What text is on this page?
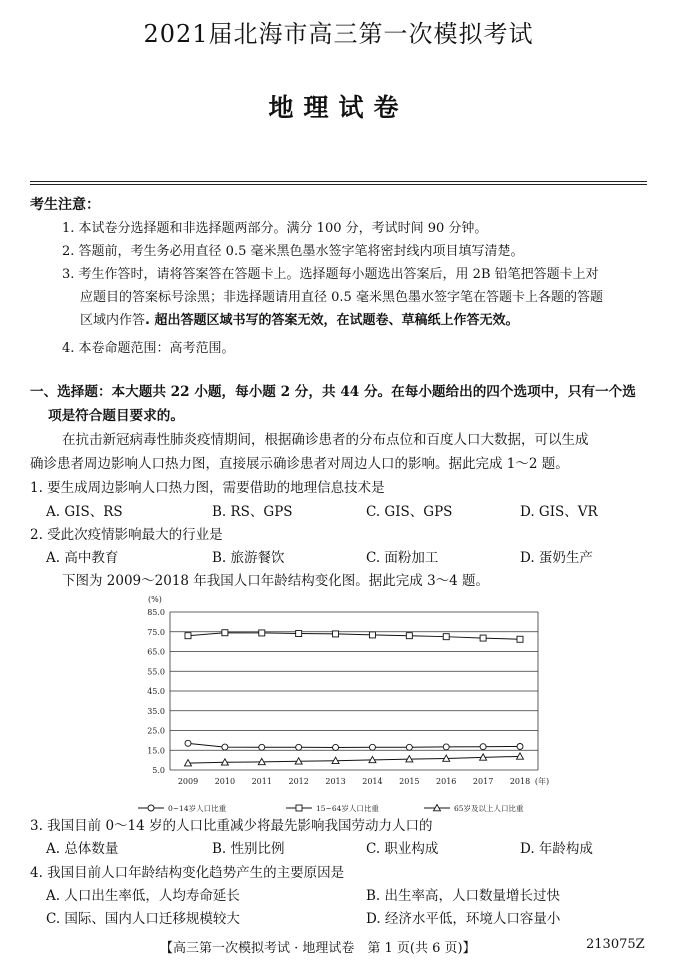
2021届北海市高三第一次模拟考试
地理试卷
考生注意：
1. 本试卷分选择题和非选择题两部分。满分 100 分，考试时间 90 分钟。
2. 答题前，考生务必用直径 0.5 毫米黑色墨水签字笔将密封线内项目填写清楚。
3. 考生作答时，请将答案答在答题卡上。选择题每小题选出答案后，用 2B 铅笔把答题卡上对
应题目的答案标号涂黑；非选择题请用直径 0.5 毫米黑色墨水签字笔在答题卡上各题的答题
区域内作答. 超出答题区域书写的答案无效，在试题卷、草稿纸上作答无效。
4. 本卷命题范围：高考范围。
一、选择题：本大题共 22 小题，每小题 2 分，共 44 分。在每小题给出的四个选项中，只有一个选
项是符合题目要求的。
在抗击新冠病毒性肺炎疫情期间，根据确诊患者的分布点位和百度人口大数据，可以生成
确诊患者周边影响人口热力图，直接展示确诊患者对周边人口的影响。据此完成 1～2 题。
1. 要生成周边影响人口热力图，需要借助的地理信息技术是
A. GIS、RS	B. RS、GPS	C. GIS、GPS	D. GIS、VR
2. 受此次疫情影响最大的行业是
A. 高中教育	B. 旅游餐饮	C. 面粉加工	D. 蛋奶生产
下图为 2009～2018 年我国人口年龄结构变化图。据此完成 3～4 题。
(%)
85.0
75.0
65.0
55.0
45.0
35.0
25.0
15.0
5.0
2009 2010 2011 2012 2013 2014 2015 2016 2017 2018 (年)
0~14岁人口比重	15~64岁人口比重	65岁及以上人口比重
3. 我国目前 0～14 岁的人口比重减少将最先影响我国劳动力人口的
A. 总体数量	B. 性别比例	C. 职业构成	D. 年龄构成
4. 我国目前人口年龄结构变化趋势产生的主要原因是
A. 人口出生率低，人均寿命延长	B. 出生率高，人口数量增长过快
C. 国际、国内人口迁移规模较大	D. 经济水平低，环境人口容量小
【高三第一次模拟考试 · 地理试卷　第 1 页(共 6 页)】	213075Z
